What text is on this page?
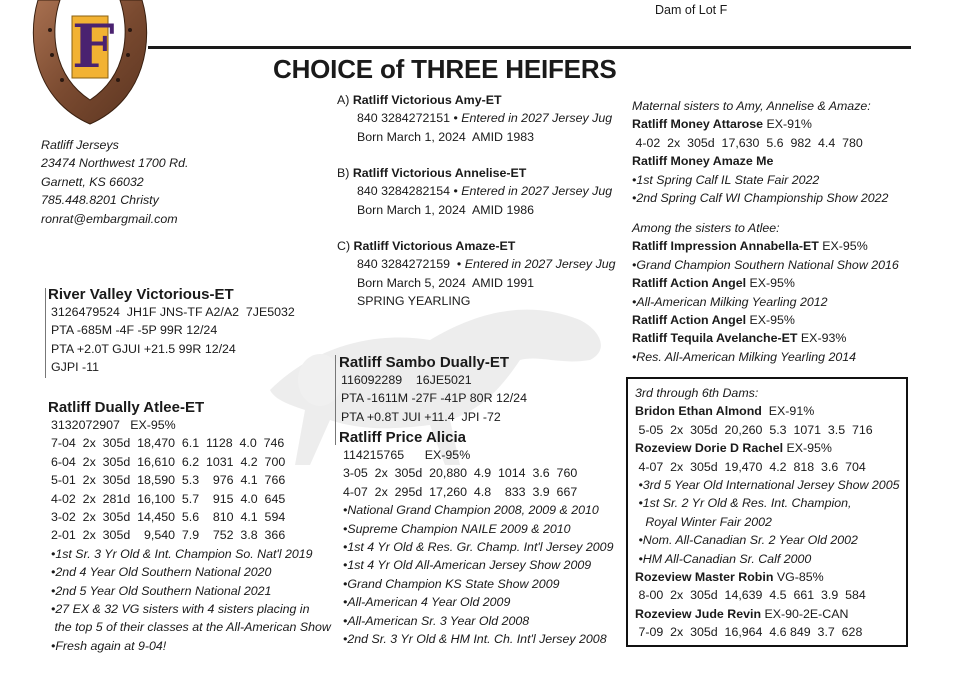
F
Dam of Lot F
CHOICE of THREE HEIFERS
Ratliff Jerseys
23474 Northwest 1700 Rd.
Garnett, KS 66032
785.448.8201 Christy
ronrat@embargmail.com
A) Ratliff Victorious Amy-ET
840 3284272151 • Entered in 2027 Jersey Jug
Born March 1, 2024  AMID 1983
B) Ratliff Victorious Annelise-ET
840 3284282154 • Entered in 2027 Jersey Jug
Born March 1, 2024  AMID 1986
C) Ratliff Victorious Amaze-ET
840 3284272159  • Entered in 2027 Jersey Jug
Born March 5, 2024  AMID 1991
SPRING YEARLING
River Valley Victorious-ET
3126479524  JH1F JNS-TF A2/A2  7JE5032
PTA -685M -4F -5P 99R 12/24
PTA +2.0T GJUI +21.5 99R 12/24
GJPI -11
Ratliff Dually Atlee-ET
3132072907   EX-95%
7-04  2x  305d  18,470  6.1  1128  4.0  746
6-04  2x  305d  16,610  6.2  1031  4.2  700
5-01  2x  305d  18,590  5.3    976  4.1  766
4-02  2x  281d  16,100  5.7    915  4.0  645
3-02  2x  305d  14,450  5.6    810  4.1  594
2-01  2x  305d    9,540  7.9    752  3.8  366
•1st Sr. 3 Yr Old & Int. Champion So. Nat'l 2019
•2nd 4 Year Old Southern National 2020
•2nd 5 Year Old Southern National 2021
•27 EX & 32 VG sisters with 4 sisters placing in
the top 5 of their classes at the All-American Show
•Fresh again at 9-04!
Ratliff Sambo Dually-ET
116092289    16JE5021
PTA -1611M -27F -41P 80R 12/24
PTA +0.8T JUI +11.4  JPI -72
Ratliff Price Alicia
114215765      EX-95%
3-05  2x  305d  20,880  4.9  1014  3.6  760
4-07  2x  295d  17,260  4.8    833  3.9  667
•National Grand Champion 2008, 2009 & 2010
•Supreme Champion NAILE 2009 & 2010
•1st 4 Yr Old & Res. Gr. Champ. Int'l Jersey 2009
•1st 4 Yr Old All-American Jersey Show 2009
•Grand Champion KS State Show 2009
•All-American 4 Year Old 2009
•All-American Sr. 3 Year Old 2008
•2nd Sr. 3 Yr Old & HM Int. Ch. Int'l Jersey 2008
Maternal sisters to Amy, Annelise & Amaze:
Ratliff Money Attarose EX-91%
4-02  2x  305d  17,630  5.6  982  4.4  780
Ratliff Money Amaze Me
•1st Spring Calf IL State Fair 2022
•2nd Spring Calf WI Championship Show 2022
Among the sisters to Atlee:
Ratliff Impression Annabella-ET EX-95%
•Grand Champion Southern National Show 2016
Ratliff Action Angel EX-95%
•All-American Milking Yearling 2012
Ratliff Action Angel EX-95%
Ratliff Tequila Avelanche-ET EX-93%
•Res. All-American Milking Yearling 2014
3rd through 6th Dams:
Bridon Ethan Almond  EX-91%
5-05  2x  305d  20,260  5.3  1071  3.5  716
Rozeview Dorie D Rachel EX-95%
4-07  2x  305d  19,470  4.2  818  3.6  704
•3rd 5 Year Old International Jersey Show 2005
•1st Sr. 2 Yr Old & Res. Int. Champion,
Royal Winter Fair 2002
•Nom. All-Canadian Sr. 2 Year Old 2002
•HM All-Canadian Sr. Calf 2000
Rozeview Master Robin VG-85%
8-00  2x  305d  14,639  4.5  661  3.9  584
Rozeview Jude Revin EX-90-2E-CAN
7-09  2x  305d  16,964  4.6 849  3.7  628
